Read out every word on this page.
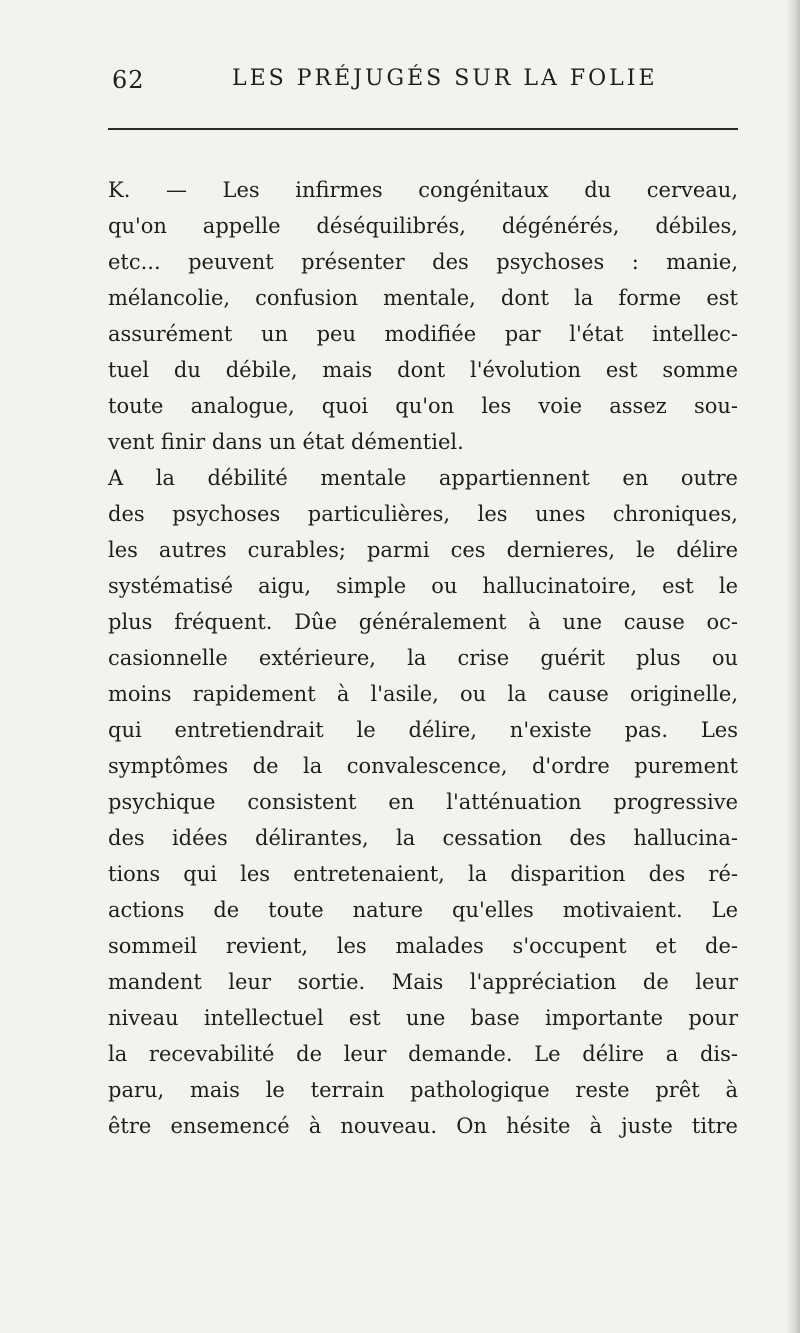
62	LES PRÉJUGÉS SUR LA FOLIE
K. — Les infirmes congénitaux du cerveau,
qu'on appelle déséquilibrés, dégénérés, débiles,
etc... peuvent présenter des psychoses : manie,
mélancolie, confusion mentale, dont la forme est
assurément un peu modifiée par l'état intellec-
tuel du débile, mais dont l'évolution est somme
toute analogue, quoi qu'on les voie assez sou-
vent finir dans un état démentiel.
A la débilité mentale appartiennent en outre
des psychoses particulières, les unes chroniques,
les autres curables; parmi ces dernieres, le délire
systématisé aigu, simple ou hallucinatoire, est le
plus fréquent. Dûe généralement à une cause oc-
casionnelle extérieure, la crise guérit plus ou
moins rapidement à l'asile, ou la cause originelle,
qui entretiendrait le délire, n'existe pas. Les
symptômes de la convalescence, d'ordre purement
psychique consistent en l'atténuation progressive
des idées délirantes, la cessation des hallucina-
tions qui les entretenaient, la disparition des ré-
actions de toute nature qu'elles motivaient. Le
sommeil revient, les malades s'occupent et de-
mandent leur sortie. Mais l'appréciation de leur
niveau intellectuel est une base importante pour
la recevabilité de leur demande. Le délire a dis-
paru, mais le terrain pathologique reste prêt à
être ensemencé à nouveau. On hésite à juste titre
